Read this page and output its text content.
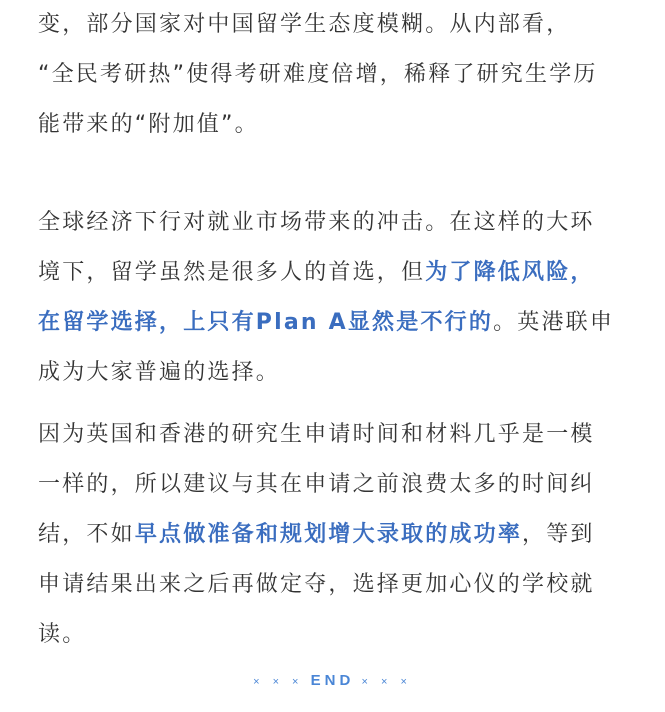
变，部分国家对中国留学生态度模糊。从内部看，
“全民考研热”使得考研难度倍增，稀释了研究生学历
能带来的“附加值”。
全球经济下行对就业市场带来的冲击。在这样的大环
境下，留学虽然是很多人的首选，但为了降低风险，
在留学选择，上只有Plan A显然是不行的。英港联申
成为大家普遍的选择。
因为英国和香港的研究生申请时间和材料几乎是一模
一样的，所以建议与其在申请之前浪费太多的时间纠
结，不如早点做准备和规划增大录取的成功率，等到
申请结果出来之后再做定夺，选择更加心仪的学校就
读。
× × × END × × ×
